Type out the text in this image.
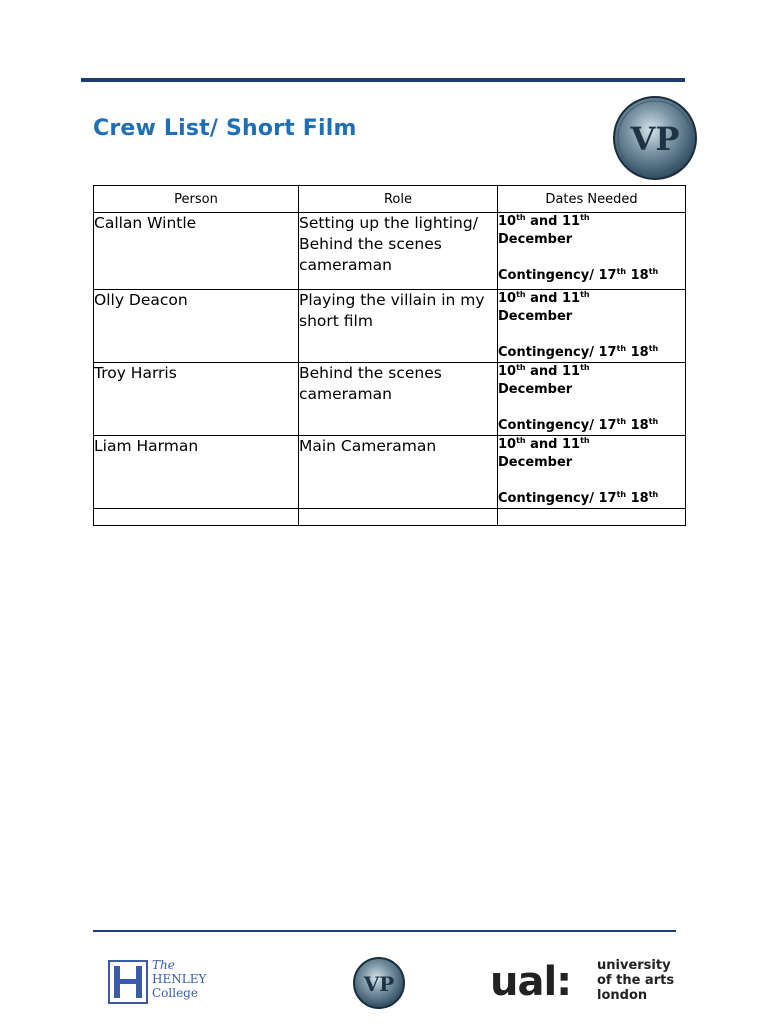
Crew List/ Short Film	VP
Person	Role	Dates Needed
Callan Wintle	Setting up the lighting/ Behind the scenes cameraman	10th and 11th
December
Contingency/ 17th 18th

Olly Deacon	Playing the villain in my short film	10th and 11th
December
Contingency/ 17th 18th

Troy Harris	Behind the scenes cameraman	10th and 11th
December
Contingency/ 17th 18th

Liam Harman	Main Cameraman	10th and 11th
December
Contingency/ 17th 18th

The
HENLEY
College	VP ual: university
of the arts
london
